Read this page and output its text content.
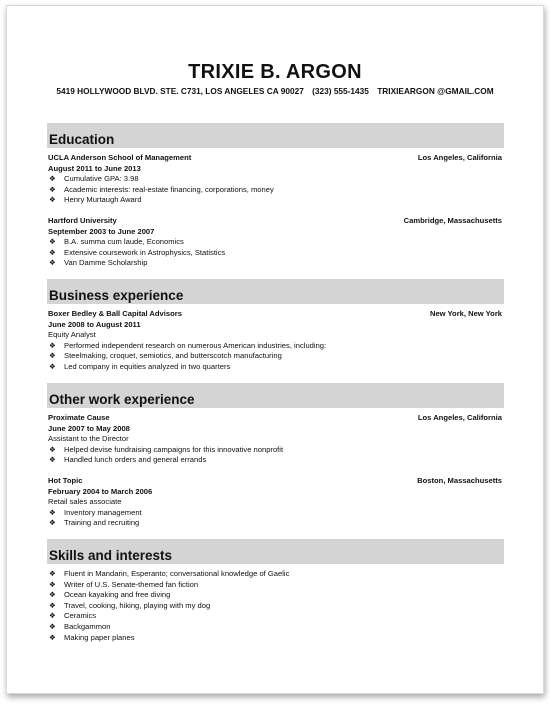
TRIXIE B. ARGON
5419 HOLLYWOOD BLVD. STE. C731, LOS ANGELES CA 90027 (323) 555-1435 TRIXIEARGON @GMAIL.COM
Education
UCLA Anderson School of Management	Los Angeles, California
August 2011 to June 2013
❖ Cumulative GPA: 3.98
❖ Academic interests: real-estate financing, corporations, money
❖ Henry Murtaugh Award
Hartford University	Cambridge, Massachusetts
September 2003 to June 2007
❖ B.A. summa cum laude, Economics
❖ Extensive coursework in Astrophysics, Statistics
❖ Van Damme Scholarship
Business experience
Boxer Bedley & Ball Capital Advisors	New York, New York
June 2008 to August 2011
Equity Analyst
❖ Performed independent research on numerous American industries, including:
❖ Steelmaking, croquet, semiotics, and butterscotch manufacturing
❖ Led company in equities analyzed in two quarters
Other work experience
Proximate Cause	Los Angeles, California
June 2007 to May 2008
Assistant to the Director
❖ Helped devise fundraising campaigns for this innovative nonprofit
❖ Handled lunch orders and general errands
Hot Topic	Boston, Massachusetts
February 2004 to March 2006
Retail sales associate
❖ Inventory management
❖ Training and recruiting
Skills and interests
❖ Fluent in Mandarin, Esperanto; conversational knowledge of Gaelic
❖ Writer of U.S. Senate-themed fan fiction
❖ Ocean kayaking and free diving
❖ Travel, cooking, hiking, playing with my dog
❖ Ceramics
❖ Backgammon
❖ Making paper planes
